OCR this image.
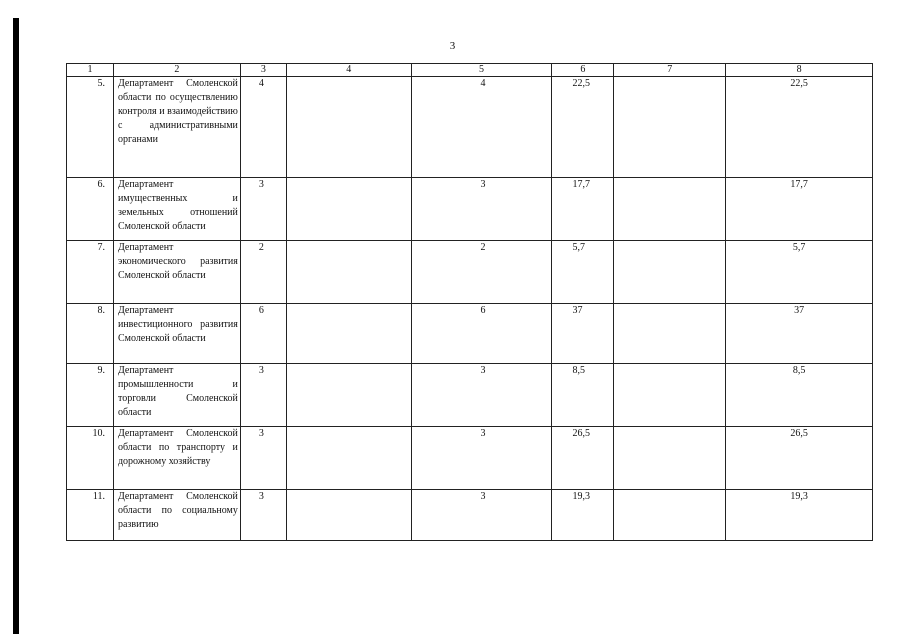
3
1	2	3	4	5	6	7	8
5.	Департамент Смоленской области по осуществлению контроля и взаимодействию с административными органами	4		4	22,5		22,5
6.	Департамент имущественных и земельных отношений Смоленской области	3		3	17,7		17,7
7.	Департамент экономического развития Смоленской области	2		2	5,7		5,7
8.	Департамент инвестиционного развития Смоленской области	6		6	37		37
9.	Департамент промышленности и торговли Смоленской области	3		3	8,5		8,5
10.	Департамент Смоленской области по транспорту и дорожному хозяйству	3		3	26,5		26,5
11.	Департамент Смоленской области по социальному развитию	3		3	19,3		19,3
